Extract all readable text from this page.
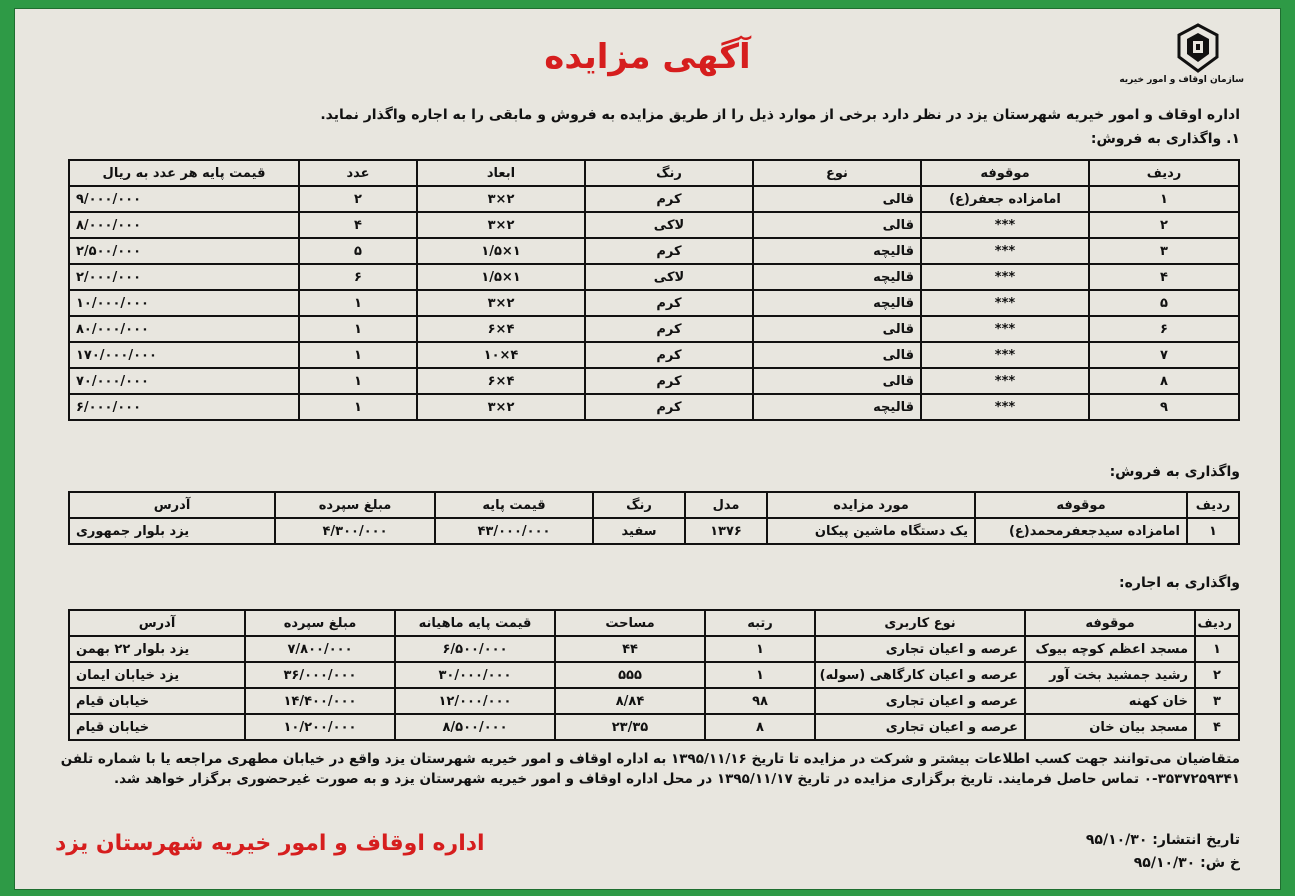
سازمان اوقاف و امور خیریه
آگهی مزایده
اداره اوقاف و امور خیریه شهرستان یزد در نظر دارد برخی از موارد ذیل را از طریق مزایده به فروش و مابقی را به اجاره واگذار نماید.
۱. واگذاری به فروش:
ردیف	موقوفه	نوع	رنگ	ابعاد	عدد	قیمت پایه هر عدد به ریال
۱	امامزاده جعفر(ع)	قالی	کرم	۲×۳	۲	۹/۰۰۰/۰۰۰
۲	***	قالی	لاکی	۲×۳	۴	۸/۰۰۰/۰۰۰
۳	***	قالیچه	کرم	۱×۱/۵	۵	۲/۵۰۰/۰۰۰
۴	***	قالیچه	لاکی	۱×۱/۵	۶	۲/۰۰۰/۰۰۰
۵	***	قالیچه	کرم	۲×۳	۱	۱۰/۰۰۰/۰۰۰
۶	***	قالی	کرم	۴×۶	۱	۸۰/۰۰۰/۰۰۰
۷	***	قالی	کرم	۴×۱۰	۱	۱۷۰/۰۰۰/۰۰۰
۸	***	قالی	کرم	۴×۶	۱	۷۰/۰۰۰/۰۰۰
۹	***	قالیچه	کرم	۲×۳	۱	۶/۰۰۰/۰۰۰
واگذاری به فروش:
ردیف	موقوفه	مورد مزایده	مدل	رنگ	قیمت پایه	مبلغ سپرده	آدرس
۱	امامزاده سیدجعفرمحمد(ع)	یک دستگاه ماشین پیکان	۱۳۷۶	سفید	۴۳/۰۰۰/۰۰۰	۴/۳۰۰/۰۰۰	یزد بلوار جمهوری
واگذاری به اجاره:
ردیف	موقوفه	نوع کاربری	رتبه	مساحت	قیمت پایه ماهیانه	مبلغ سپرده	آدرس
۱	مسجد اعظم کوچه بیوک	عرصه و اعیان تجاری	۱	۴۴	۶/۵۰۰/۰۰۰	۷/۸۰۰/۰۰۰	یزد بلوار ۲۲ بهمن
۲	رشید جمشید بخت آور	عرصه و اعیان کارگاهی (سوله)	۱	۵۵۵	۳۰/۰۰۰/۰۰۰	۳۶/۰۰۰/۰۰۰	یزد خیابان ایمان
۳	خان کهنه	عرصه و اعیان تجاری	۹۸	۸/۸۴	۱۲/۰۰۰/۰۰۰	۱۴/۴۰۰/۰۰۰	خیابان قیام
۴	مسجد بیان خان	عرصه و اعیان تجاری	۸	۲۳/۳۵	۸/۵۰۰/۰۰۰	۱۰/۲۰۰/۰۰۰	خیابان قیام
متقاضیان می‌توانند جهت کسب اطلاعات بیشتر و شرکت در مزایده تا تاریخ ۱۳۹۵/۱۱/۱۶ به اداره اوقاف و امور خیریه شهرستان یزد واقع در خیابان مطهری مراجعه یا با شماره تلفن ۳۵۳۷۲۵۹۳۴۱-۰ تماس حاصل فرمایند. تاریخ برگزاری مزایده در تاریخ ۱۳۹۵/۱۱/۱۷ در محل اداره اوقاف و امور خیریه شهرستان یزد و به صورت غیرحضوری برگزار خواهد شد.
تاریخ انتشار: ۹۵/۱۰/۳۰
خ ش: ۹۵/۱۰/۳۰
اداره اوقاف و امور خیریه شهرستان یزد
